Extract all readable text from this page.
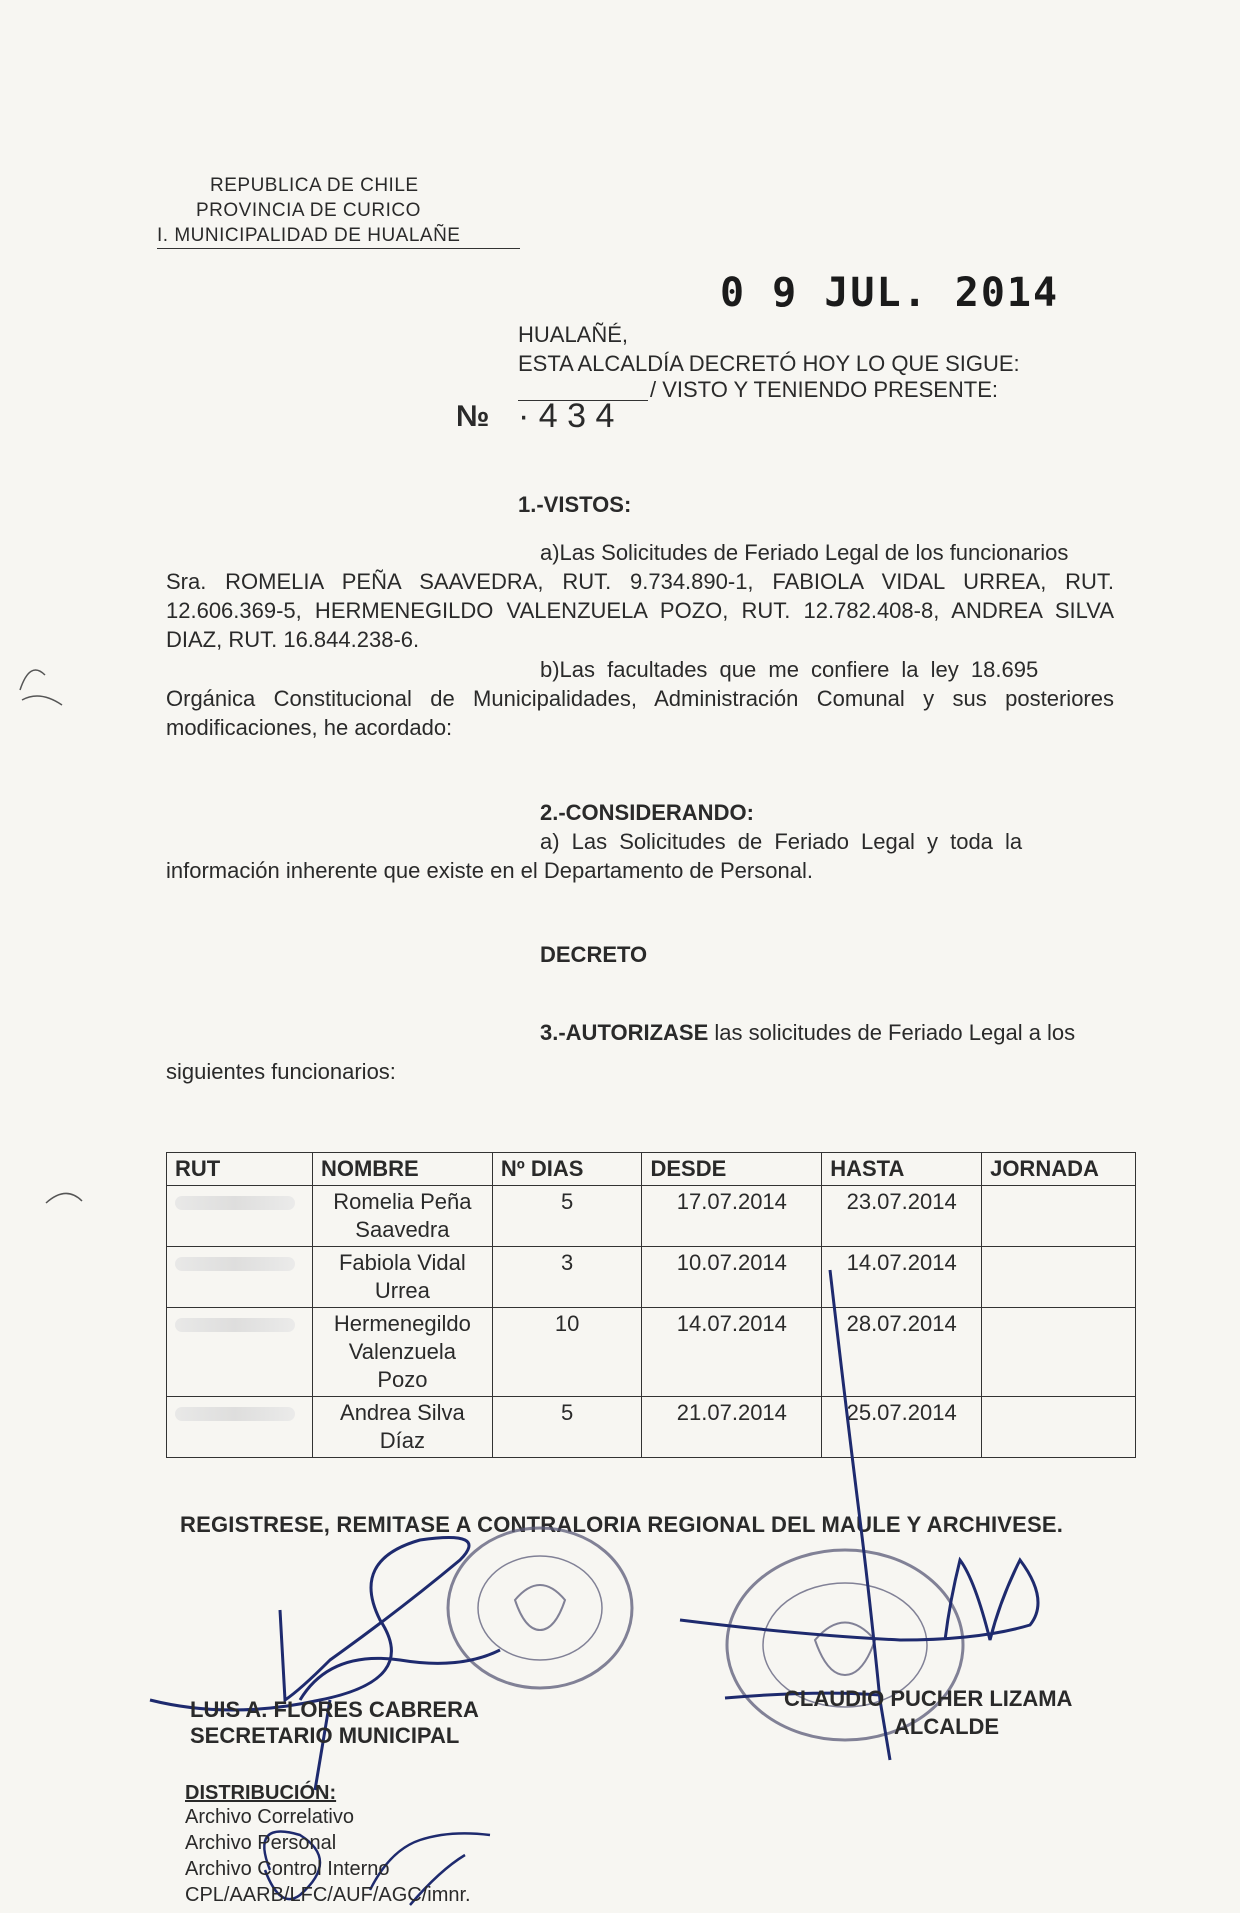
REPUBLICA DE CHILE
PROVINCIA DE CURICO
I. MUNICIPALIDAD DE HUALAÑE
0 9 JUL. 2014
HUALAÑÉ,
ESTA ALCALDÍA DECRETÓ HOY LO QUE SIGUE:
/ VISTO Y TENIENDO PRESENTE:
№ · 4 3 4
1.-VISTOS:
a)Las Solicitudes de Feriado Legal de los funcionarios
Sra. ROMELIA PEÑA SAAVEDRA, RUT. 9.734.890-1, FABIOLA VIDAL URREA, RUT. 12.606.369-5, HERMENEGILDO VALENZUELA POZO, RUT. 12.782.408-8, ANDREA SILVA DIAZ, RUT. 16.844.238-6.
b)Las facultades que me confiere la ley 18.695
Orgánica Constitucional de Municipalidades, Administración Comunal y sus posteriores modificaciones, he acordado:
2.-CONSIDERANDO:
a) Las Solicitudes de Feriado Legal y toda la
información inherente que existe en el Departamento de Personal.
DECRETO
3.-AUTORIZASE las solicitudes de Feriado Legal a los
siguientes funcionarios:
RUT	NOMBRE	Nº DIAS	DESDE	HASTA	JORNADA
	Romelia Peña Saavedra	5	17.07.2014	23.07.2014	
	Fabiola Vidal Urrea	3	10.07.2014	14.07.2014	
	Hermenegildo Valenzuela Pozo	10	14.07.2014	28.07.2014	
	Andrea Silva Díaz	5	21.07.2014	25.07.2014	
REGISTRESE, REMITASE A CONTRALORIA REGIONAL DEL MAULE Y ARCHIVESE.
LUIS A. FLORES CABRERA
SECRETARIO MUNICIPAL
CLAUDIO PUCHER LIZAMA
ALCALDE
DISTRIBUCIÓN:
Archivo Correlativo
Archivo Personal
Archivo Control Interno
CPL/AARB/LFC/AUF/AGC/imnr.
